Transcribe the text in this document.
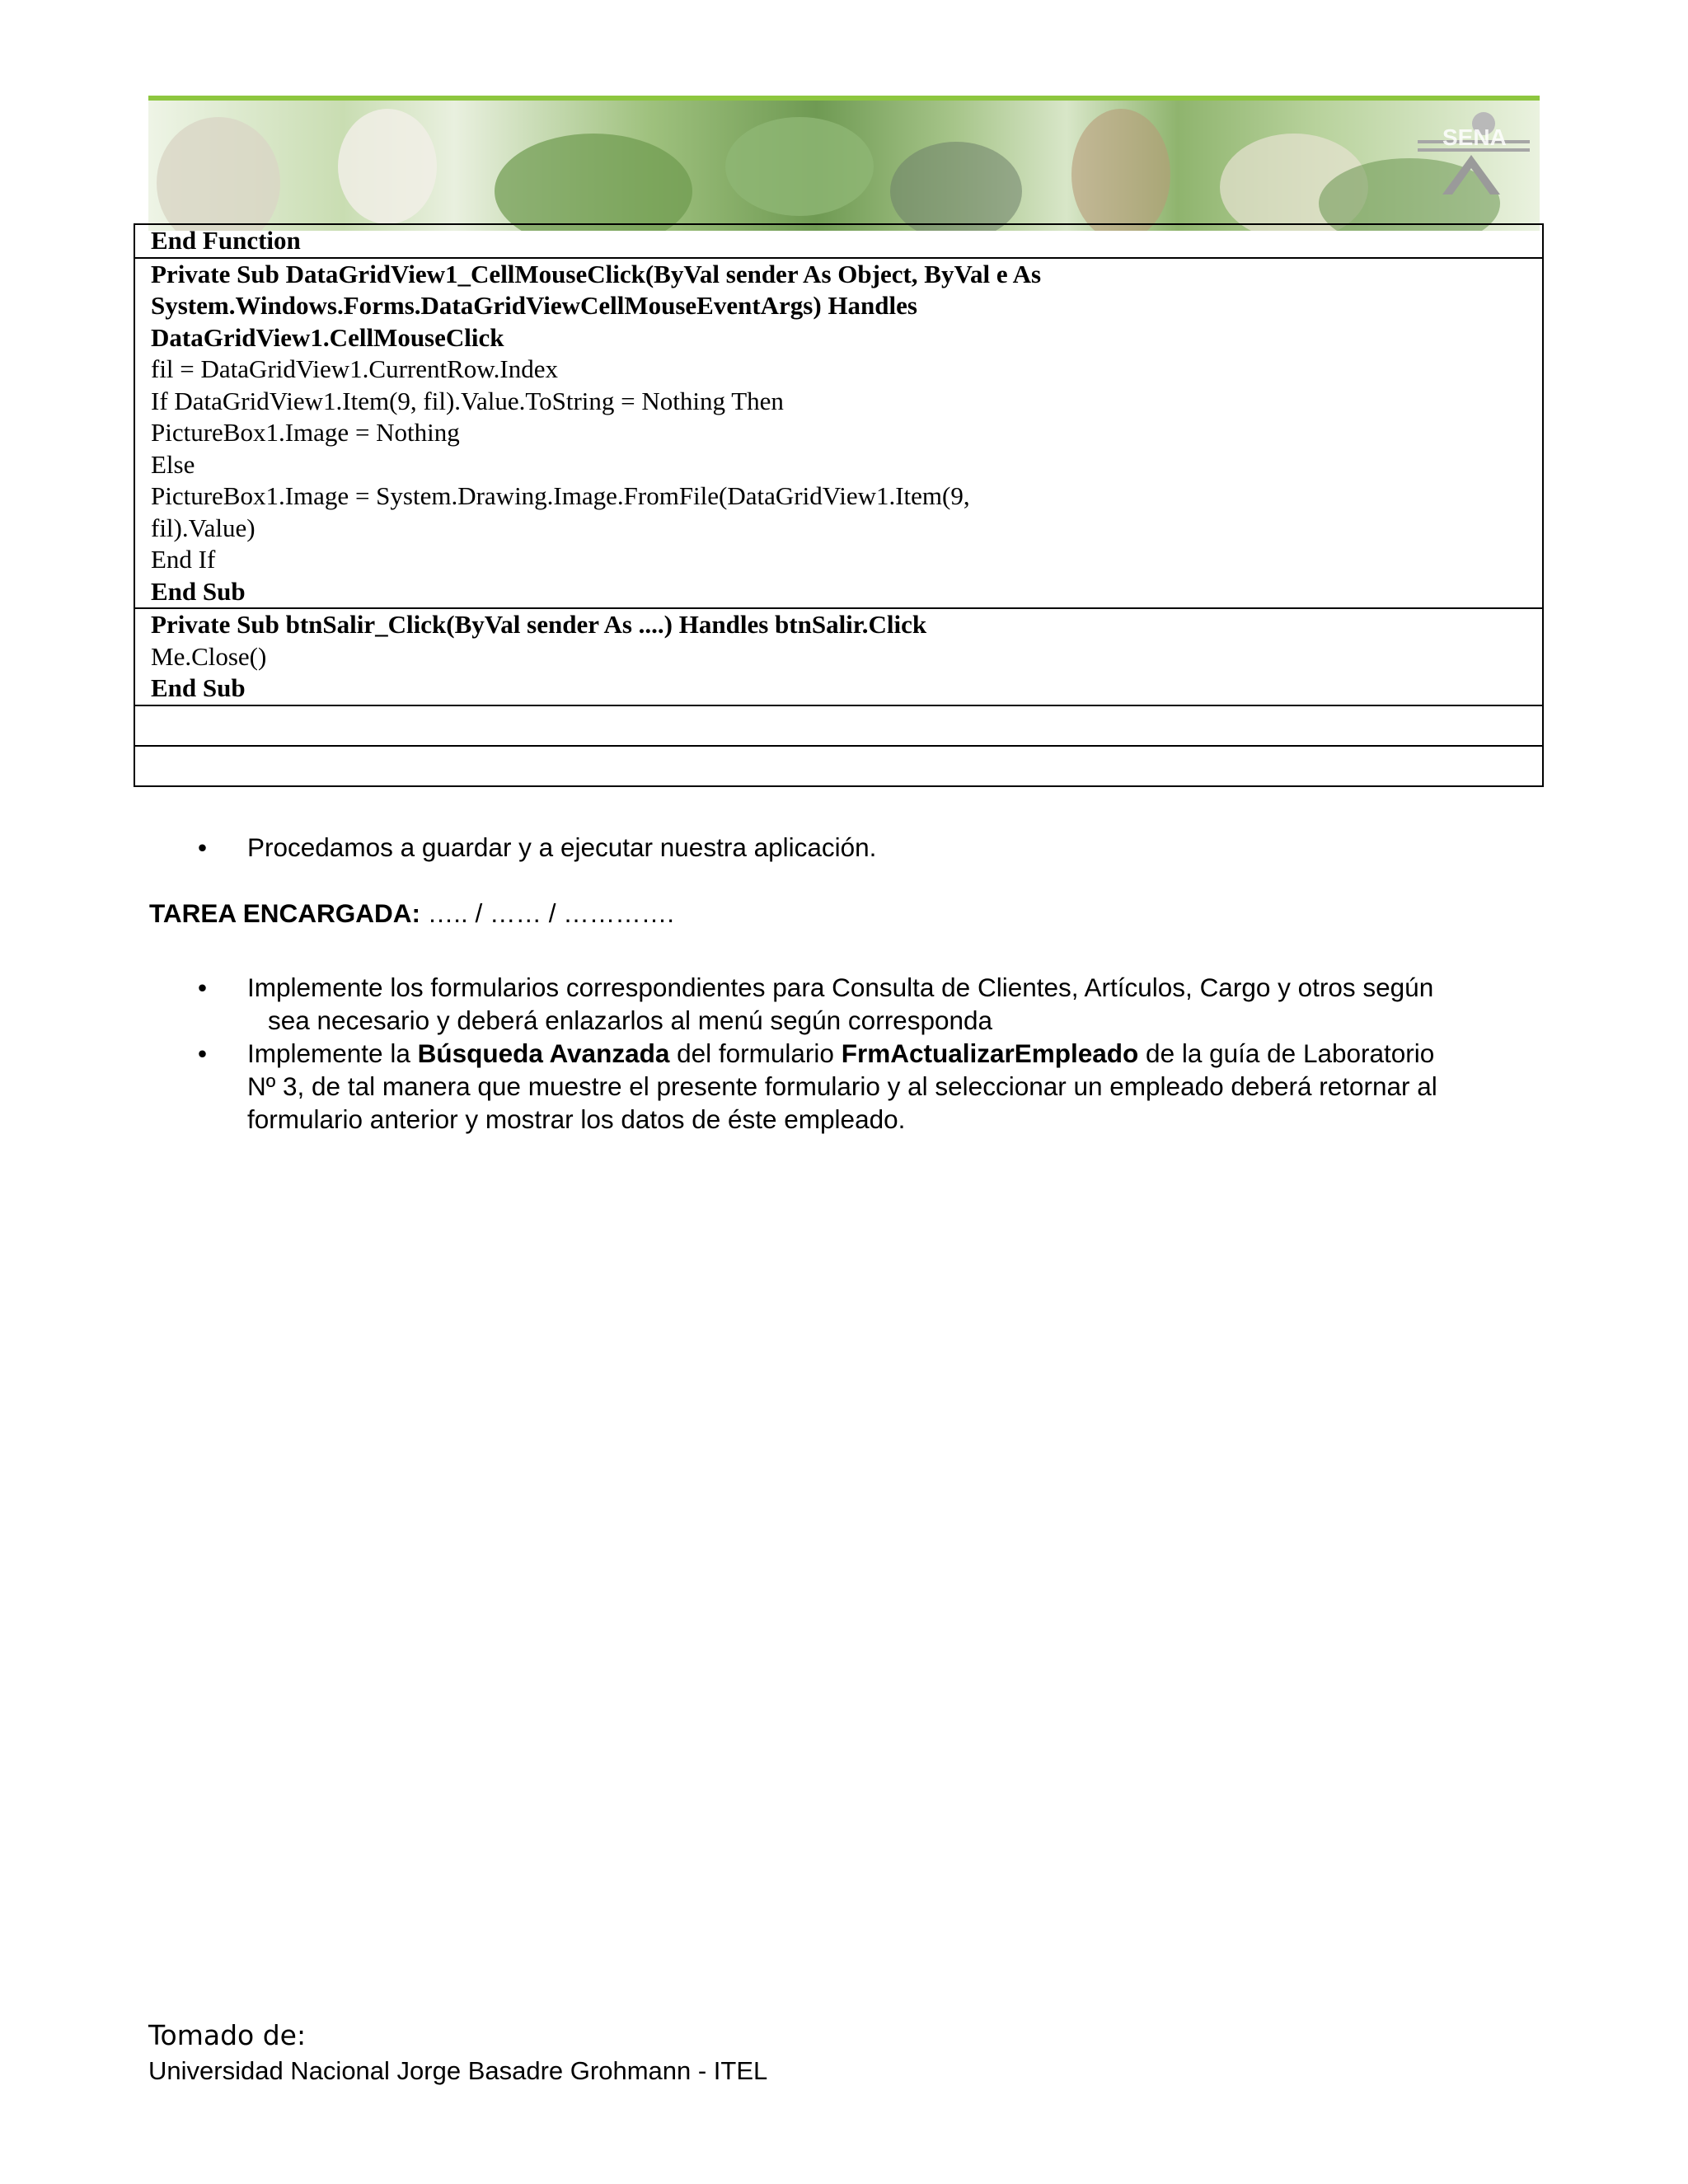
SENA
End Function

Private Sub DataGridView1_CellMouseClick(ByVal sender As Object, ByVal e As
System.Windows.Forms.DataGridViewCellMouseEventArgs) Handles
DataGridView1.CellMouseClick
fil = DataGridView1.CurrentRow.Index
If DataGridView1.Item(9, fil).Value.ToString = Nothing Then
PictureBox1.Image = Nothing
Else
PictureBox1.Image = System.Drawing.Image.FromFile(DataGridView1.Item(9,
fil).Value)
End If
End Sub

Private Sub btnSalir_Click(ByVal sender As ....) Handles btnSalir.Click
Me.Close()
End Sub

• Procedamos a guardar y a ejecutar nuestra aplicación.
TAREA ENCARGADA: ….. / …… / ………….
• Implemente los formularios correspondientes para Consulta de Clientes, Artículos, Cargo y otros según
sea necesario y deberá enlazarlos al menú según corresponda
• Implemente la Búsqueda Avanzada del formulario FrmActualizarEmpleado de la guía de Laboratorio
Nº 3, de tal manera que muestre el presente formulario y al seleccionar un empleado deberá retornar al
formulario anterior y mostrar los datos de éste empleado.
Tomado de:
Universidad Nacional Jorge Basadre Grohmann - ITEL
